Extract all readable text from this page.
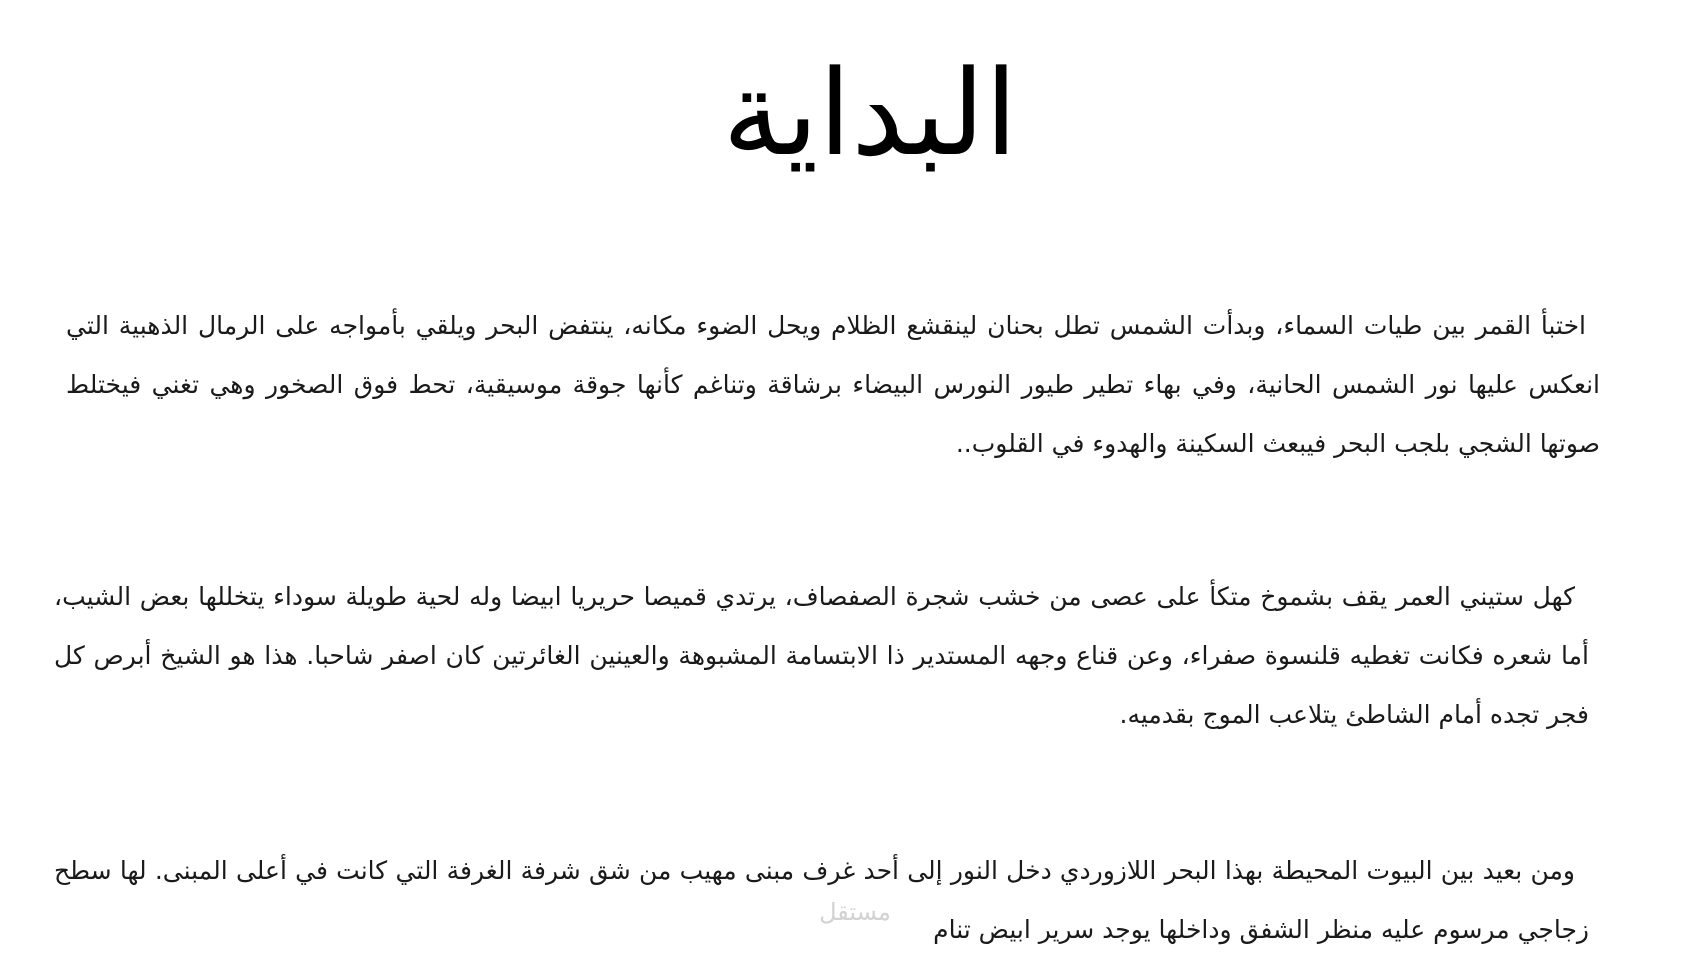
البداية

اختبأ القمر بين طيات السماء، وبدأت الشمس تطل بحنان لينقشع الظلام ويحل الضوء مكانه، ينتفض البحر ويلقي بأمواجه على الرمال الذهبية التي انعكس عليها نور الشمس الحانية، وفي بهاء تطير طيور النورس البيضاء برشاقة وتناغم كأنها جوقة موسيقية، تحط فوق الصخور وهي تغني فيختلط صوتها الشجي بلجب البحر فيبعث السكينة والهدوء في القلوب..

كهل ستيني العمر يقف بشموخ متكأ على عصى من خشب شجرة الصفصاف، يرتدي قميصا حريريا ابيضا وله لحية طويلة سوداء يتخللها بعض الشيب، أما شعره فكانت تغطيه قلنسوة صفراء، وعن قناع وجهه المستدير ذا الابتسامة المشبوهة والعينين الغائرتين كان اصفر شاحبا. هذا هو الشيخ أبرص كل فجر تجده أمام الشاطئ يتلاعب الموج بقدميه.

ومن بعيد بين البيوت المحيطة بهذا البحر اللازوردي دخل النور إلى أحد غرف مبنى مهيب من شق شرفة الغرفة التي كانت في أعلى المبنى. لها سطح زجاجي مرسوم عليه منظر الشفق وداخلها يوجد سرير ابيض تنام

مستقل
